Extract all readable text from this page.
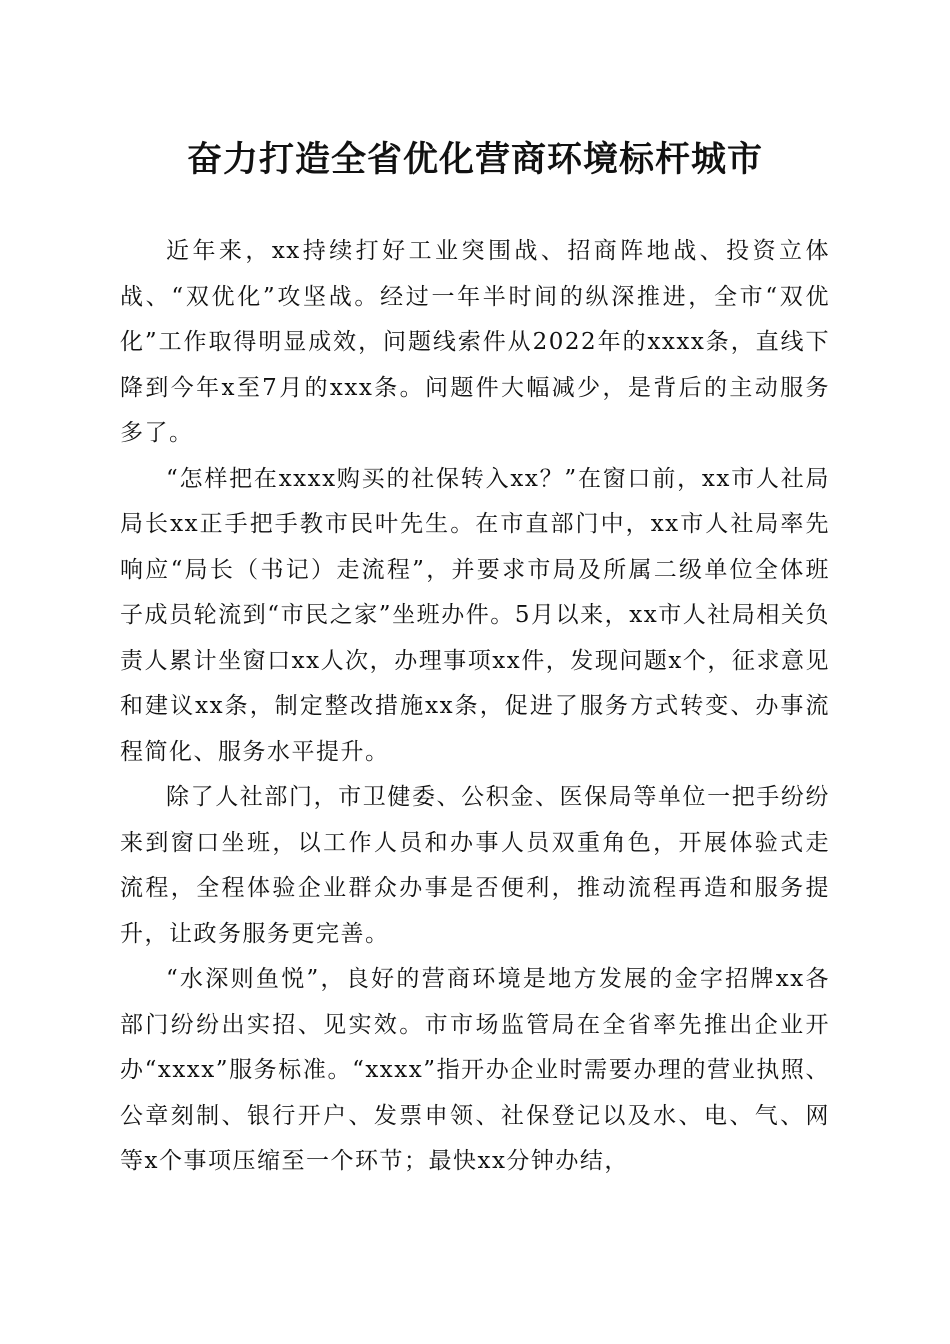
奋力打造全省优化营商环境标杆城市

近年来，xx持续打好工业突围战、招商阵地战、投资立体战、“双优化”攻坚战。经过一年半时间的纵深推进，全市“双优化”工作取得明显成效，问题线索件从2022年的xxxx条，直线下降到今年x至7月的xxx条。问题件大幅减少，是背后的主动服务多了。

“怎样把在xxxx购买的社保转入xx？”在窗口前，xx市人社局局长xx正手把手教市民叶先生。在市直部门中，xx市人社局率先响应“局长（书记）走流程”，并要求市局及所属二级单位全体班子成员轮流到“市民之家”坐班办件。5月以来，xx市人社局相关负责人累计坐窗口xx人次，办理事项xx件，发现问题x个，征求意见和建议xx条，制定整改措施xx条，促进了服务方式转变、办事流程简化、服务水平提升。

除了人社部门，市卫健委、公积金、医保局等单位一把手纷纷来到窗口坐班，以工作人员和办事人员双重角色，开展体验式走流程，全程体验企业群众办事是否便利，推动流程再造和服务提升，让政务服务更完善。

“水深则鱼悦”，良好的营商环境是地方发展的金字招牌xx各部门纷纷出实招、见实效。市市场监管局在全省率先推出企业开办“xxxx”服务标准。“xxxx”指开办企业时需要办理的营业执照、公章刻制、银行开户、发票申领、社保登记以及水、电、气、网等x个事项压缩至一个环节；最快xx分钟办结，
